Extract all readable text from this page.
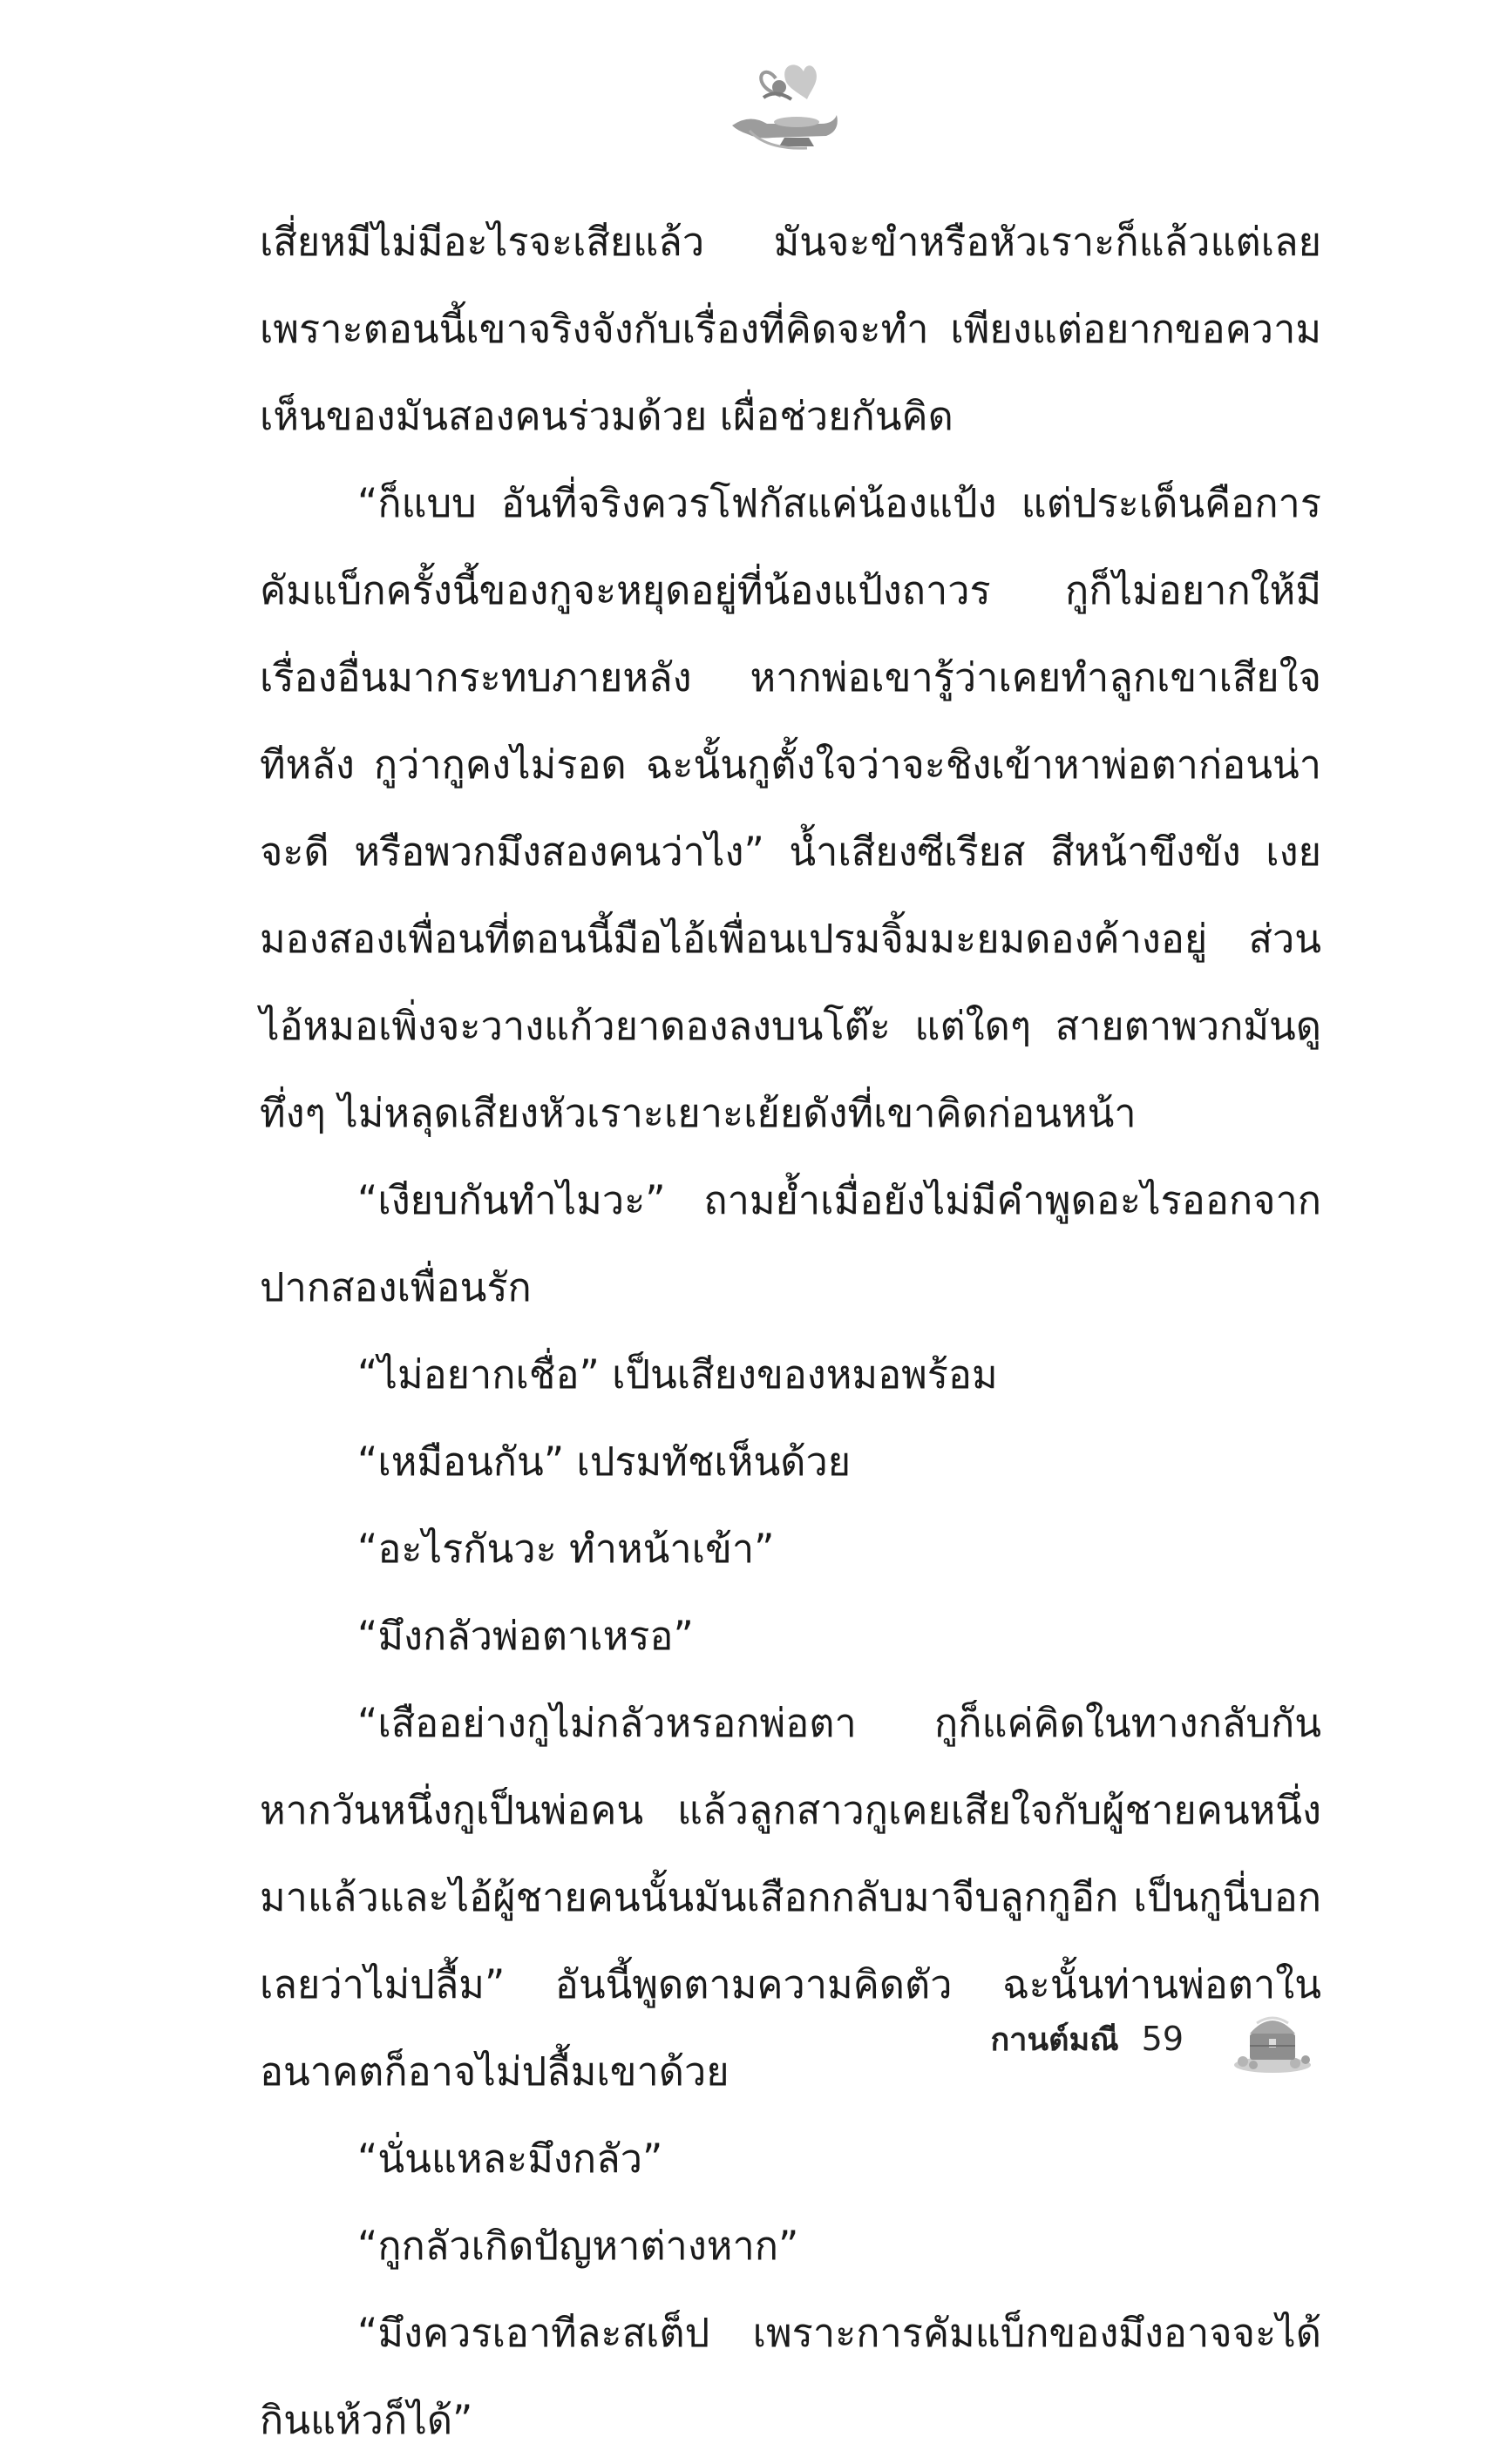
เสี่ยหมีไม่มีอะไรจะเสียแล้ว มันจะขำหรือหัวเราะก็แล้วแต่เลย เพราะตอนนี้เขาจริงจังกับเรื่องที่คิดจะทำ เพียงแต่อยากขอความเห็นของมันสองคนร่วมด้วย เผื่อช่วยกันคิด

“ก็แบบ อันที่จริงควรโฟกัสแค่น้องแป้ง แต่ประเด็นคือการคัมแบ็กครั้งนี้ของกูจะหยุดอยู่ที่น้องแป้งถาวร กูก็ไม่อยากให้มีเรื่องอื่นมากระทบภายหลัง หากพ่อเขารู้ว่าเคยทำลูกเขาเสียใจทีหลัง กูว่ากูคงไม่รอด ฉะนั้นกูตั้งใจว่าจะชิงเข้าหาพ่อตาก่อนน่าจะดี หรือพวกมึงสองคนว่าไง” น้ำเสียงซีเรียส สีหน้าขึงขัง เงยมองสองเพื่อนที่ตอนนี้มือไอ้เพื่อนเปรมจิ้มมะยมดองค้างอยู่ ส่วนไอ้หมอเพิ่งจะวางแก้วยาดองลงบนโต๊ะ แต่ใดๆ สายตาพวกมันดูทึ่งๆ ไม่หลุดเสียงหัวเราะเยาะเย้ยดังที่เขาคิดก่อนหน้า

“เงียบกันทำไมวะ” ถามย้ำเมื่อยังไม่มีคำพูดอะไรออกจากปากสองเพื่อนรัก

“ไม่อยากเชื่อ” เป็นเสียงของหมอพร้อม

“เหมือนกัน” เปรมทัชเห็นด้วย

“อะไรกันวะ ทำหน้าเข้า”

“มึงกลัวพ่อตาเหรอ”

“เสืออย่างกูไม่กลัวหรอกพ่อตา กูก็แค่คิดในทางกลับกันหากวันหนึ่งกูเป็นพ่อคน แล้วลูกสาวกูเคยเสียใจกับผู้ชายคนหนึ่งมาแล้วและไอ้ผู้ชายคนนั้นมันเสือกกลับมาจีบลูกกูอีก เป็นกูนี่บอกเลยว่าไม่ปลื้ม” อันนี้พูดตามความคิดตัว ฉะนั้นท่านพ่อตาในอนาคตก็อาจไม่ปลื้มเขาด้วย

“นั่นแหละมึงกลัว”

“กูกลัวเกิดปัญหาต่างหาก”

“มึงควรเอาทีละสเต็ป เพราะการคัมแบ็กของมึงอาจจะได้กินแห้วก็ได้”

กานต์มณี 59
